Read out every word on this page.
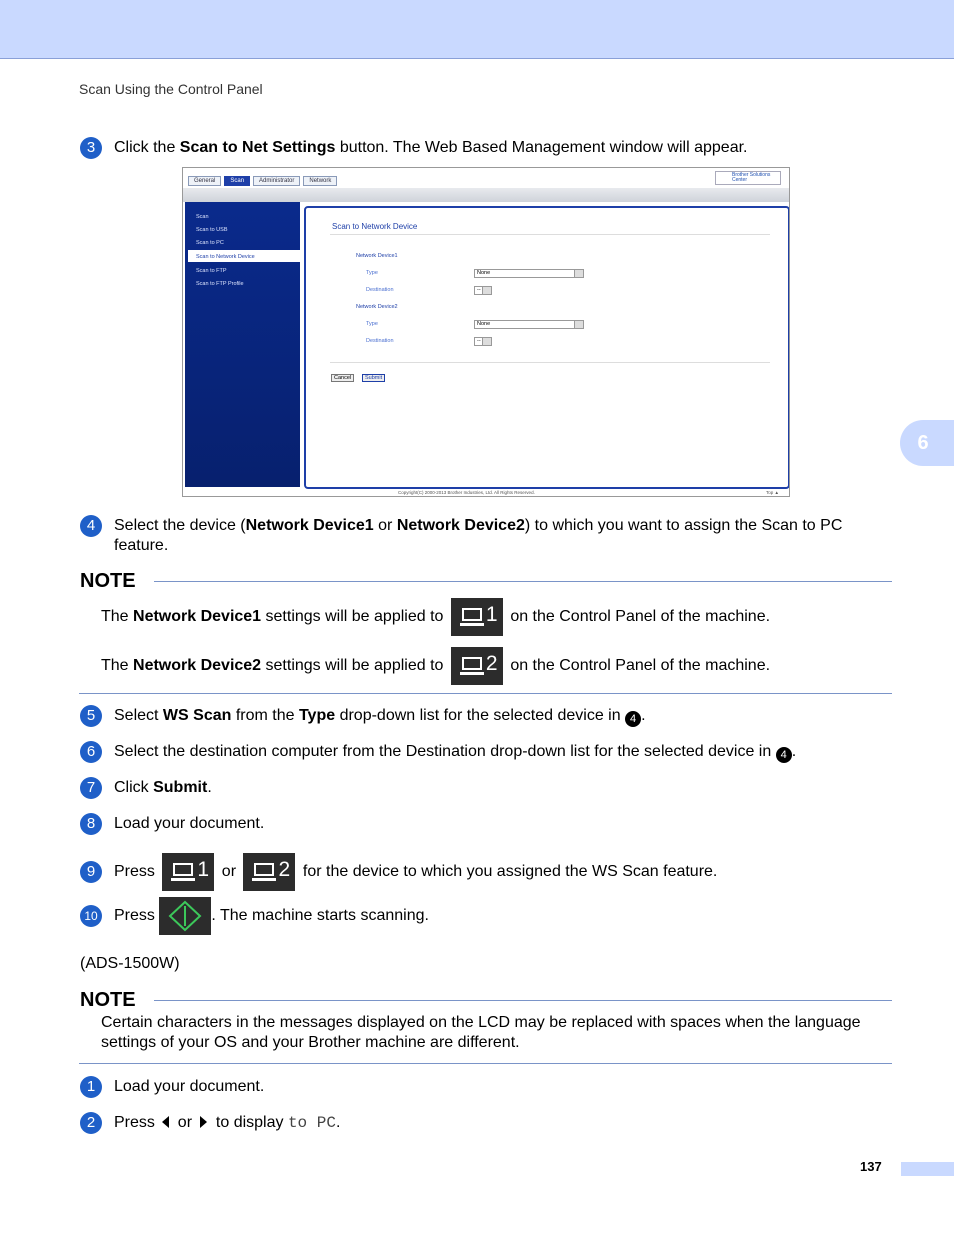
Scan Using the Control Panel
6
3	Click the Scan to Net Settings button. The Web Based Management window will appear.
General	Scan	Administrator	Network
Brother Solutions Center
Scan
Scan to USB
Scan to PC
Scan to Network Device
Scan to FTP
Scan to FTP Profile
Scan to Network Device
Network Device1
Type	None
Destination	--
Network Device2
Type	None
Destination	--
Cancel	Submit
Copyright(C) 2000-2013 Brother Industries, Ltd. All Rights Reserved.	Top ▲
4	Select the device (Network Device1 or Network Device2) to which you want to assign the Scan to PC feature.
NOTE
The Network Device1 settings will be applied to 1 on the Control Panel of the machine.
The Network Device2 settings will be applied to 2 on the Control Panel of the machine.
5	Select WS Scan from the Type drop-down list for the selected device in 4 .
6	Select the destination computer from the Destination drop-down list for the selected device in 4 .
7	Click Submit.
8	Load your document.
9	Press 1 or 2 for the device to which you assigned the WS Scan feature.
10 Press	. The machine starts scanning.
(ADS-1500W)
NOTE
Certain characters in the messages displayed on the LCD may be replaced with spaces when the language settings of your OS and your Brother machine are different.
1	Load your document.
2	Press  or  to display to PC.
137
